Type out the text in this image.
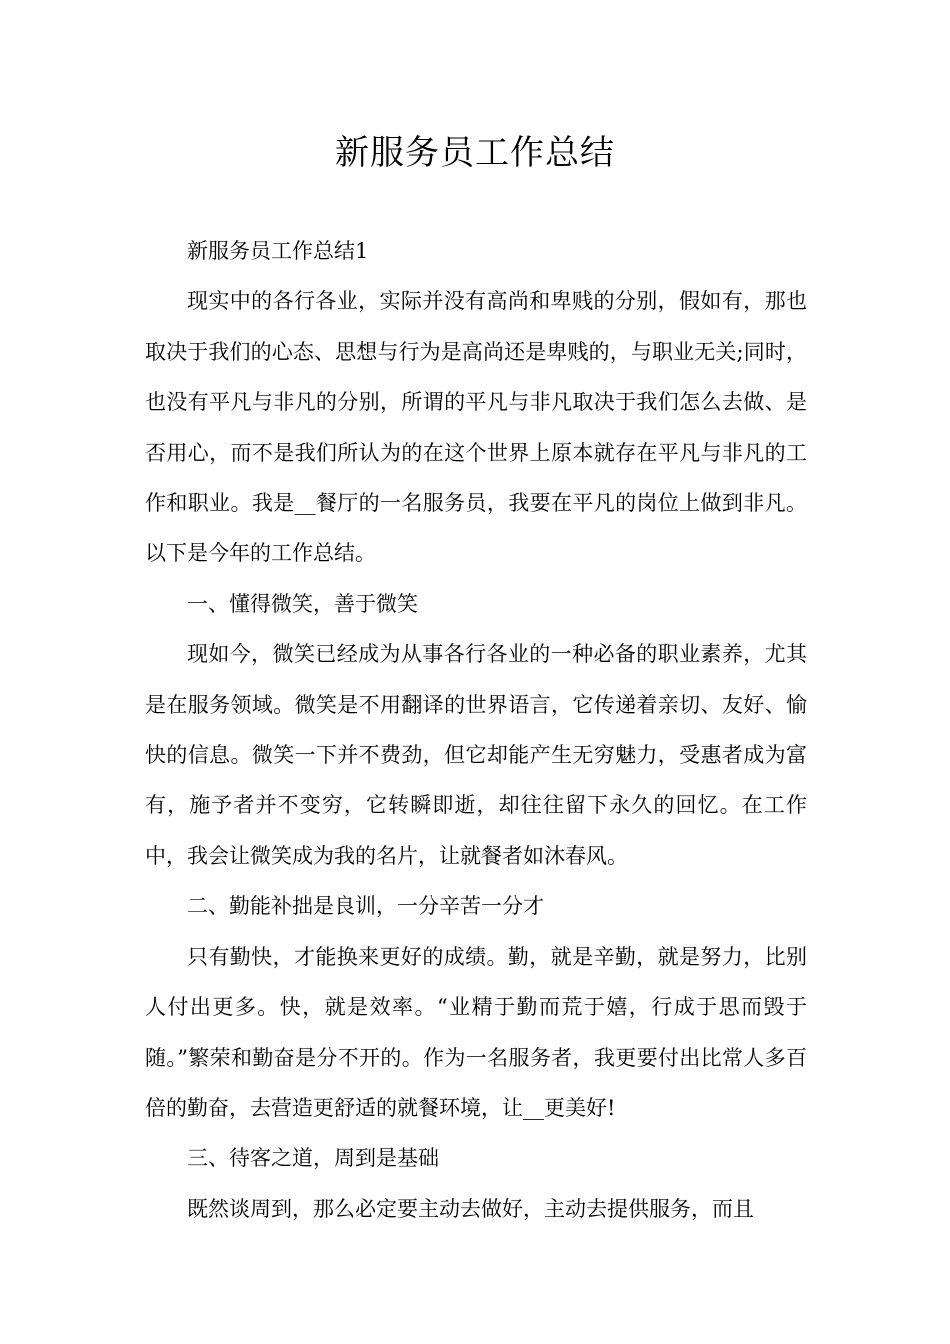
新服务员工作总结

新服务员工作总结1

现实中的各行各业，实际并没有高尚和卑贱的分别，假如有，那也取决于我们的心态、思想与行为是高尚还是卑贱的，与职业无关;同时，也没有平凡与非凡的分别，所谓的平凡与非凡取决于我们怎么去做、是否用心，而不是我们所认为的在这个世界上原本就存在平凡与非凡的工作和职业。我是__餐厅的一名服务员，我要在平凡的岗位上做到非凡。以下是今年的工作总结。

一、懂得微笑，善于微笑

现如今，微笑已经成为从事各行各业的一种必备的职业素养，尤其是在服务领域。微笑是不用翻译的世界语言，它传递着亲切、友好、愉快的信息。微笑一下并不费劲，但它却能产生无穷魅力，受惠者成为富有，施予者并不变穷，它转瞬即逝，却往往留下永久的回忆。在工作中，我会让微笑成为我的名片，让就餐者如沐春风。

二、勤能补拙是良训，一分辛苦一分才

只有勤快，才能换来更好的成绩。勤，就是辛勤，就是努力，比别人付出更多。快，就是效率。“业精于勤而荒于嬉，行成于思而毁于随。”繁荣和勤奋是分不开的。作为一名服务者，我更要付出比常人多百倍的勤奋，去营造更舒适的就餐环境，让__更美好!

三、待客之道，周到是基础

既然谈周到，那么必定要主动去做好，主动去提供服务，而且
